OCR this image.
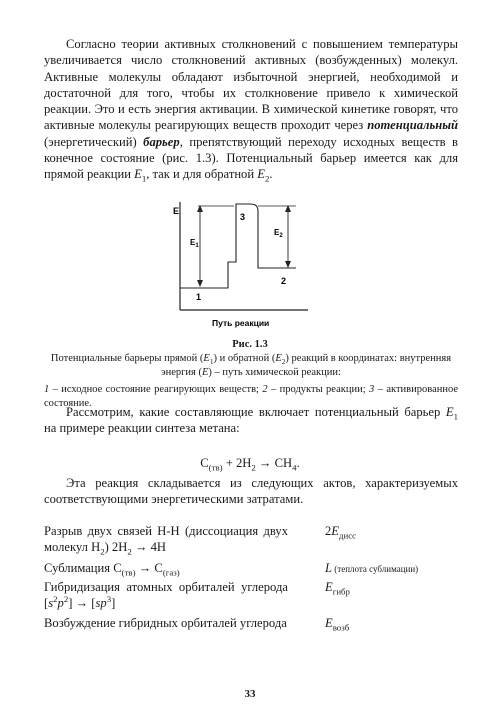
Согласно теории активных столкновений с повышением температуры увеличивается число столкновений активных (возбужденных) молекул. Активные молекулы обладают избыточной энергией, необходимой и достаточной для того, чтобы их столкновение привело к химической реакции. Это и есть энергия активации. В химической кинетике говорят, что активные молекулы реагирующих веществ проходит через потенциальный (энергетический) барьер, препятствующий переходу исходных веществ в конечное состояние (рис. 1.3). Потенциальный барьер имеется как для прямой реакции $E_1$, так и для обратной $E_2$.

E
$E_1$
$E_2$
3
1
2
Путь реакции
Рис. 1.3
Потенциальные барьеры прямой $(E_1)$ и обратной $(E_2)$ реакций в координатах: внутренняя энергия (E) – путь химической реакции:
1 – исходное состояние реагирующих веществ; 2 – продукты реакции; 3 – активированное состояние.

Рассмотрим, какие составляющие включает потенциальный барьер $E_1$ на примере реакции синтеза метана:

$C_{(тв)} + 2H_2 \to CH_4$.

Эта реакция складывается из следующих актов, характеризуемых соответствующими энергетическими затратами.

Разрыв двух связей H-H (диссоциация двух молекул $H_2$) $2H_2 \to 4H$
$2E_{дисс}$
Сублимация $C_{(тв)} \to C_{(газ)}$	L (теплота сублимации)
Гибридизация атомных орбиталей углерода $[s^2p^2] \to [sp^3]$
$E_{гибр}$
Возбуждение гибридных орбиталей углерода	$E_{возб}$
33
